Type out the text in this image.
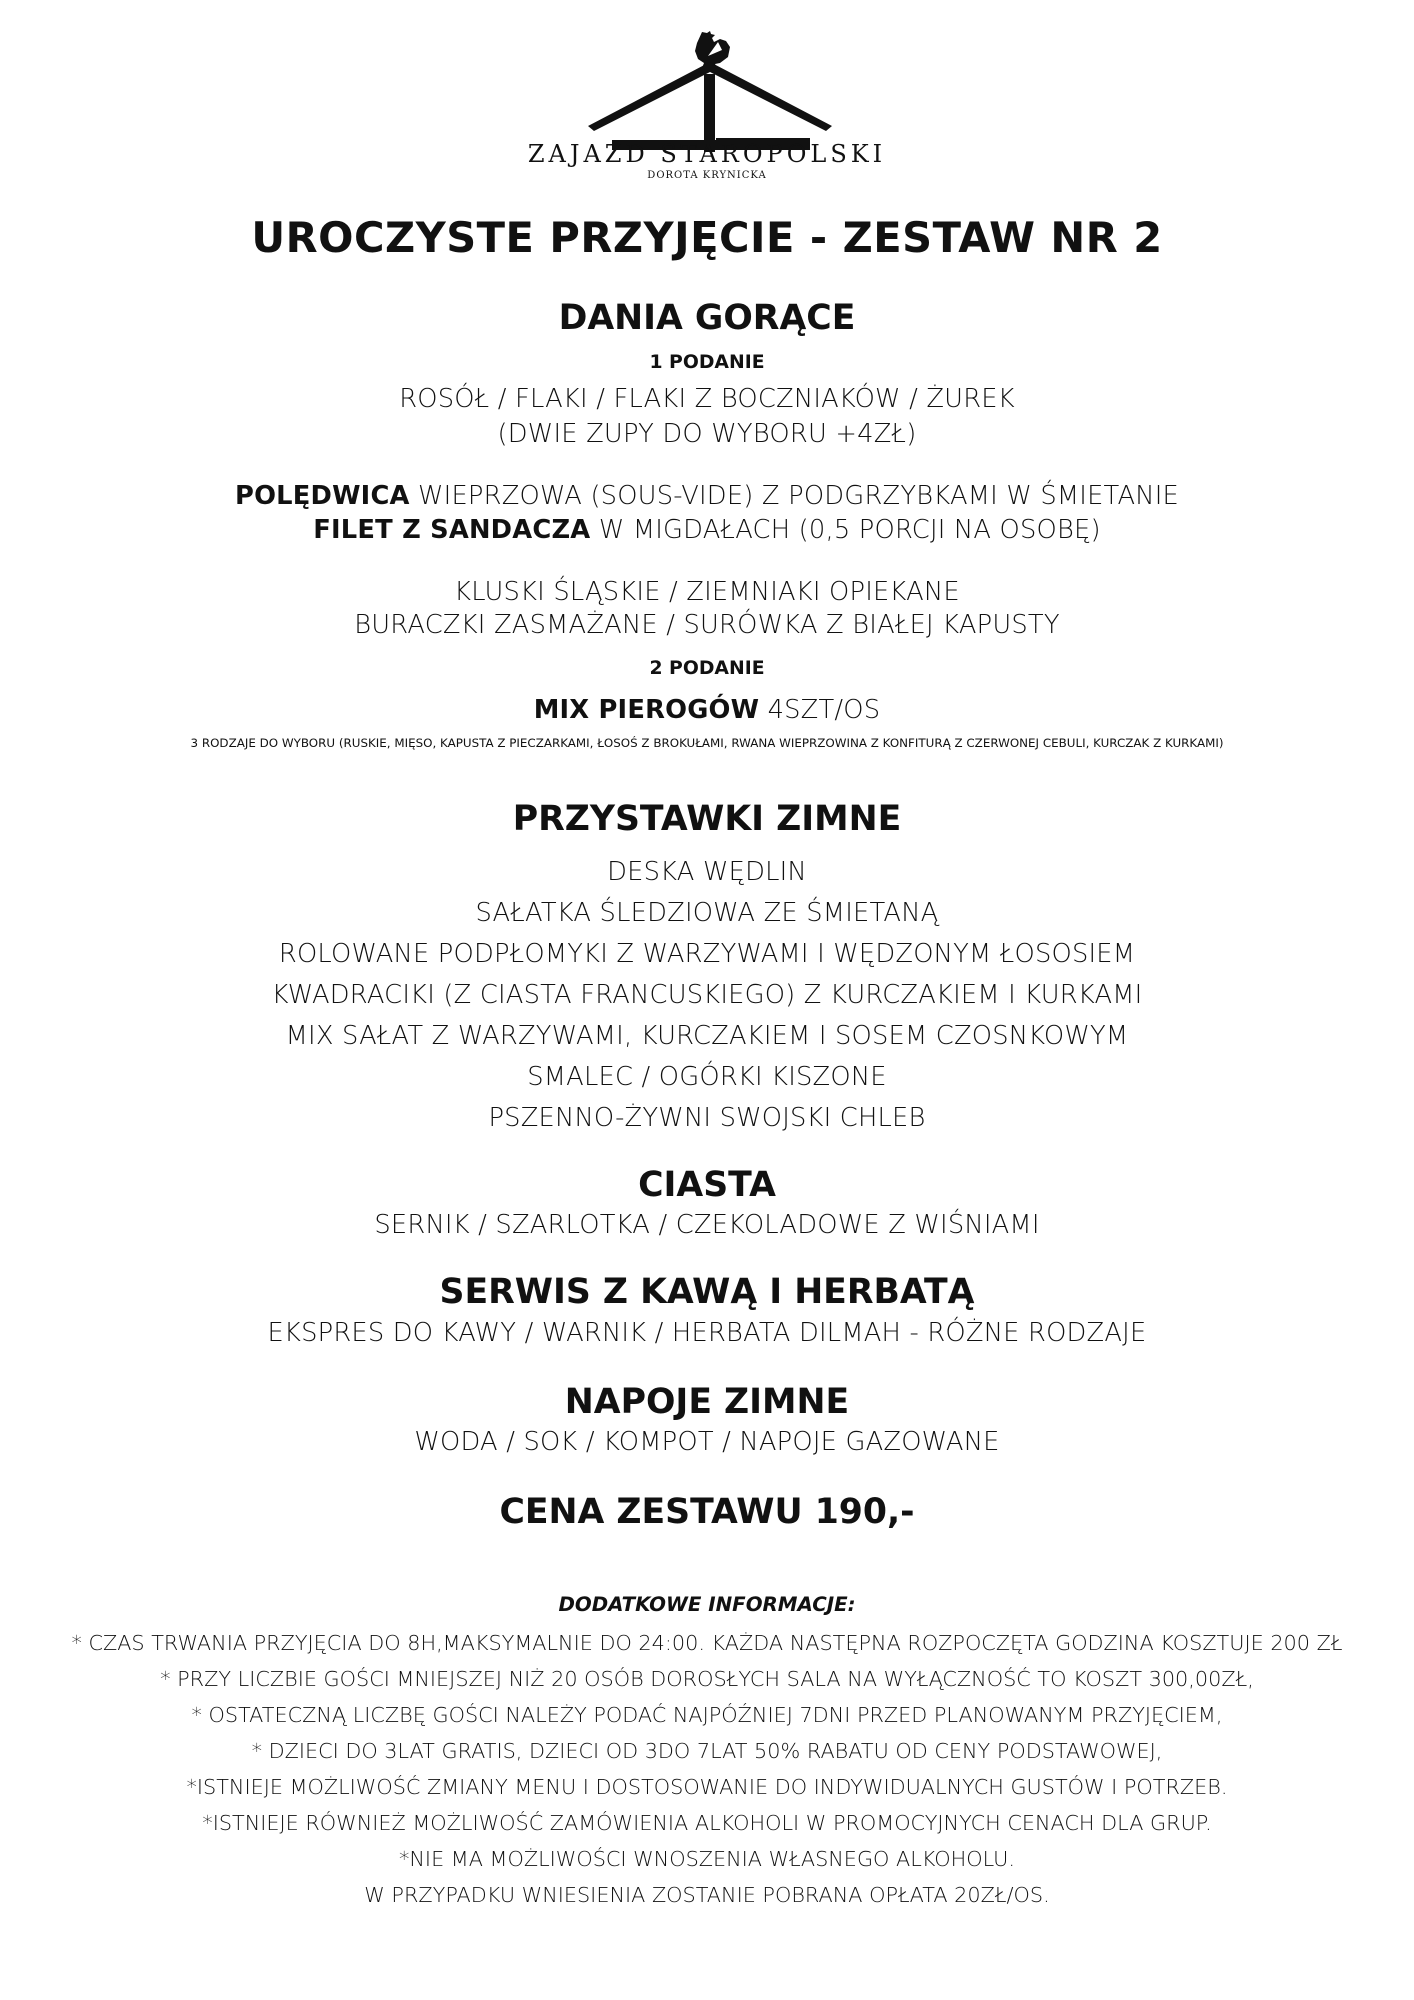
ZAJAZD STAROPOLSKI
DOROTA KRYNICKA
UROCZYSTE PRZYJĘCIE - ZESTAW NR 2
DANIA GORĄCE
1 PODANIE
ROSÓŁ / FLAKI / FLAKI Z BOCZNIAKÓW / ŻUREK
(DWIE ZUPY DO WYBORU +4ZŁ)
POLĘDWICA WIEPRZOWA (SOUS-VIDE) Z PODGRZYBKAMI W ŚMIETANIE
FILET Z SANDACZA W MIGDAŁACH (0,5 PORCJI NA OSOBĘ)
KLUSKI ŚLĄSKIE / ZIEMNIAKI OPIEKANE
BURACZKI ZASMAŻANE / SURÓWKA Z BIAŁEJ KAPUSTY
2 PODANIE
MIX PIEROGÓW 4SZT/OS
3 RODZAJE DO WYBORU (RUSKIE, MIĘSO, KAPUSTA Z PIECZARKAMI, ŁOSOŚ Z BROKUŁAMI, RWANA WIEPRZOWINA Z KONFITURĄ Z CZERWONEJ CEBULI, KURCZAK Z KURKAMI)
PRZYSTAWKI ZIMNE
DESKA WĘDLIN
SAŁATKA ŚLEDZIOWA ZE ŚMIETANĄ
ROLOWANE PODPŁOMYKI Z WARZYWAMI I WĘDZONYM ŁOSOSIEM
KWADRACIKI (Z CIASTA FRANCUSKIEGO) Z KURCZAKIEM I KURKAMI
MIX SAŁAT Z WARZYWAMI, KURCZAKIEM I SOSEM CZOSNKOWYM
SMALEC / OGÓRKI KISZONE
PSZENNO-ŻYWNI SWOJSKI CHLEB
CIASTA
SERNIK / SZARLOTKA / CZEKOLADOWE Z WIŚNIAMI
SERWIS Z KAWĄ I HERBATĄ
EKSPRES DO KAWY / WARNIK / HERBATA DILMAH - RÓŻNE RODZAJE
NAPOJE ZIMNE
WODA / SOK / KOMPOT / NAPOJE GAZOWANE
CENA ZESTAWU 190,-
DODATKOWE INFORMACJE:
* CZAS TRWANIA PRZYJĘCIA DO 8H,MAKSYMALNIE DO 24:00. KAŻDA NASTĘPNA ROZPOCZĘTA GODZINA KOSZTUJE 200 ZŁ
* PRZY LICZBIE GOŚCI MNIEJSZEJ NIŻ 20 OSÓB DOROSŁYCH SALA NA WYŁĄCZNOŚĆ TO KOSZT 300,00ZŁ,
* OSTATECZNĄ LICZBĘ GOŚCI NALEŻY PODAĆ NAJPÓŹNIEJ 7DNI PRZED PLANOWANYM PRZYJĘCIEM,
* DZIECI DO 3LAT GRATIS, DZIECI OD 3DO 7LAT 50% RABATU OD CENY PODSTAWOWEJ,
*ISTNIEJE MOŻLIWOŚĆ ZMIANY MENU I DOSTOSOWANIE DO INDYWIDUALNYCH GUSTÓW I POTRZEB.
*ISTNIEJE RÓWNIEŻ MOŻLIWOŚĆ ZAMÓWIENIA ALKOHOLI W PROMOCYJNYCH CENACH DLA GRUP.
*NIE MA MOŻLIWOŚCI WNOSZENIA WŁASNEGO ALKOHOLU.
W PRZYPADKU WNIESIENIA ZOSTANIE POBRANA OPŁATA 20ZŁ/OS.
